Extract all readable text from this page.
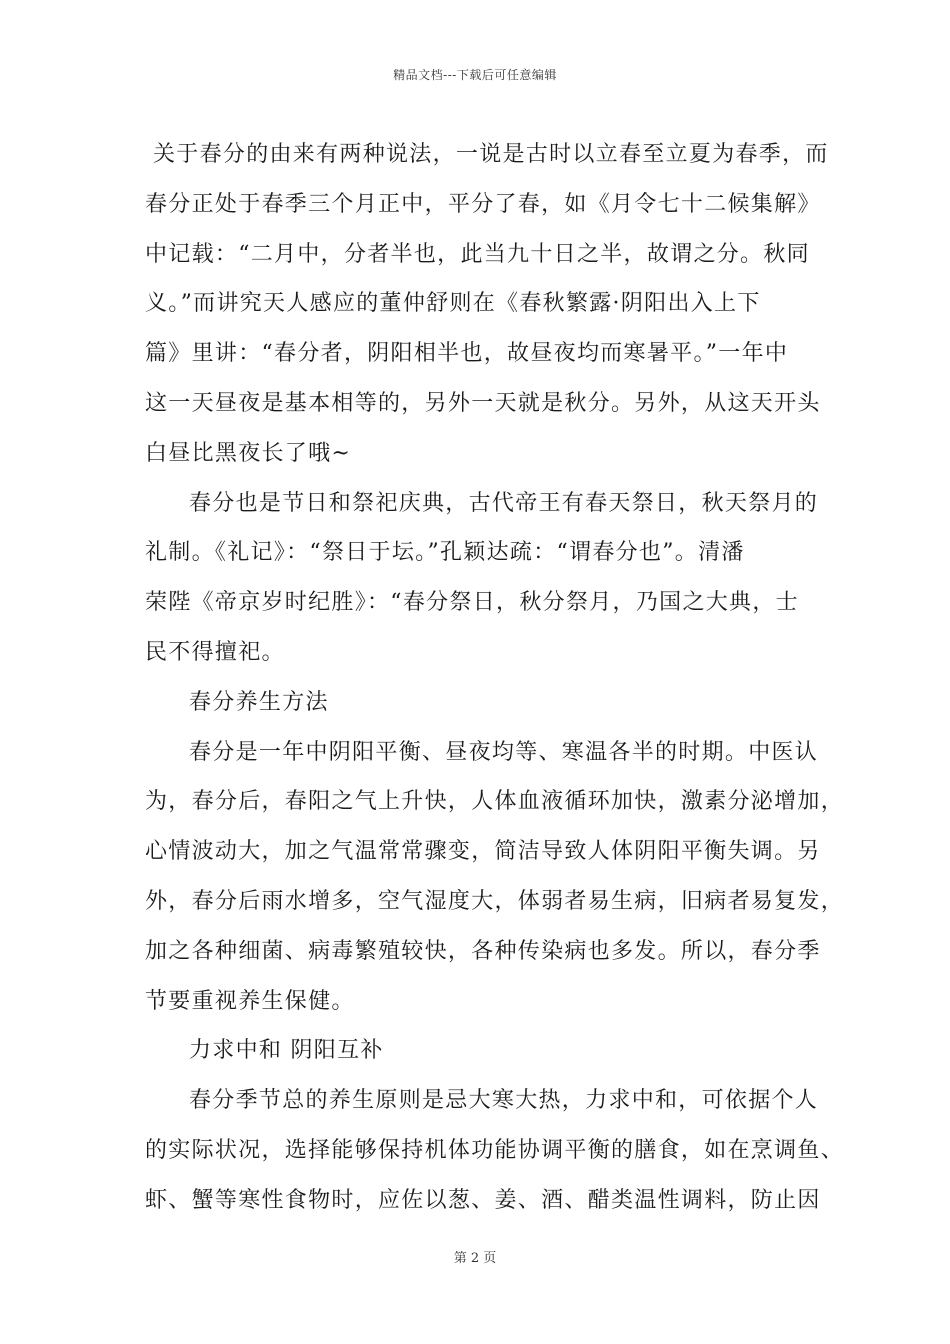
精品文档---下载后可任意编辑

关于春分的由来有两种说法，一说是古时以立春至立夏为春季，而
春分正处于春季三个月正中，平分了春，如《月令七十二候集解》
中记载：“二月中，分者半也，此当九十日之半，故谓之分。秋同
义。”而讲究天人感应的董仲舒则在《春秋繁露·阴阳出入上下
篇》里讲：“春分者，阴阳相半也，故昼夜均而寒暑平。”一年中
这一天昼夜是基本相等的，另外一天就是秋分。另外，从这天开头
白昼比黑夜长了哦~

春分也是节日和祭祀庆典，古代帝王有春天祭日，秋天祭月的
礼制。《礼记》：“祭日于坛。”孔颖达疏：“谓春分也”。清潘
荣陛《帝京岁时纪胜》：“春分祭日，秋分祭月，乃国之大典，士
民不得擅祀。

春分养生方法

春分是一年中阴阳平衡、昼夜均等、寒温各半的时期。中医认
为，春分后，春阳之气上升快，人体血液循环加快，激素分泌增加，
心情波动大，加之气温常常骤变，简洁导致人体阴阳平衡失调。另
外，春分后雨水增多，空气湿度大，体弱者易生病，旧病者易复发，
加之各种细菌、病毒繁殖较快，各种传染病也多发。所以，春分季
节要重视养生保健。

力求中和 阴阳互补

春分季节总的养生原则是忌大寒大热，力求中和，可依据个人
的实际状况，选择能够保持机体功能协调平衡的膳食，如在烹调鱼、
虾、蟹等寒性食物时，应佐以葱、姜、酒、醋类温性调料，防止因

第 2 页
